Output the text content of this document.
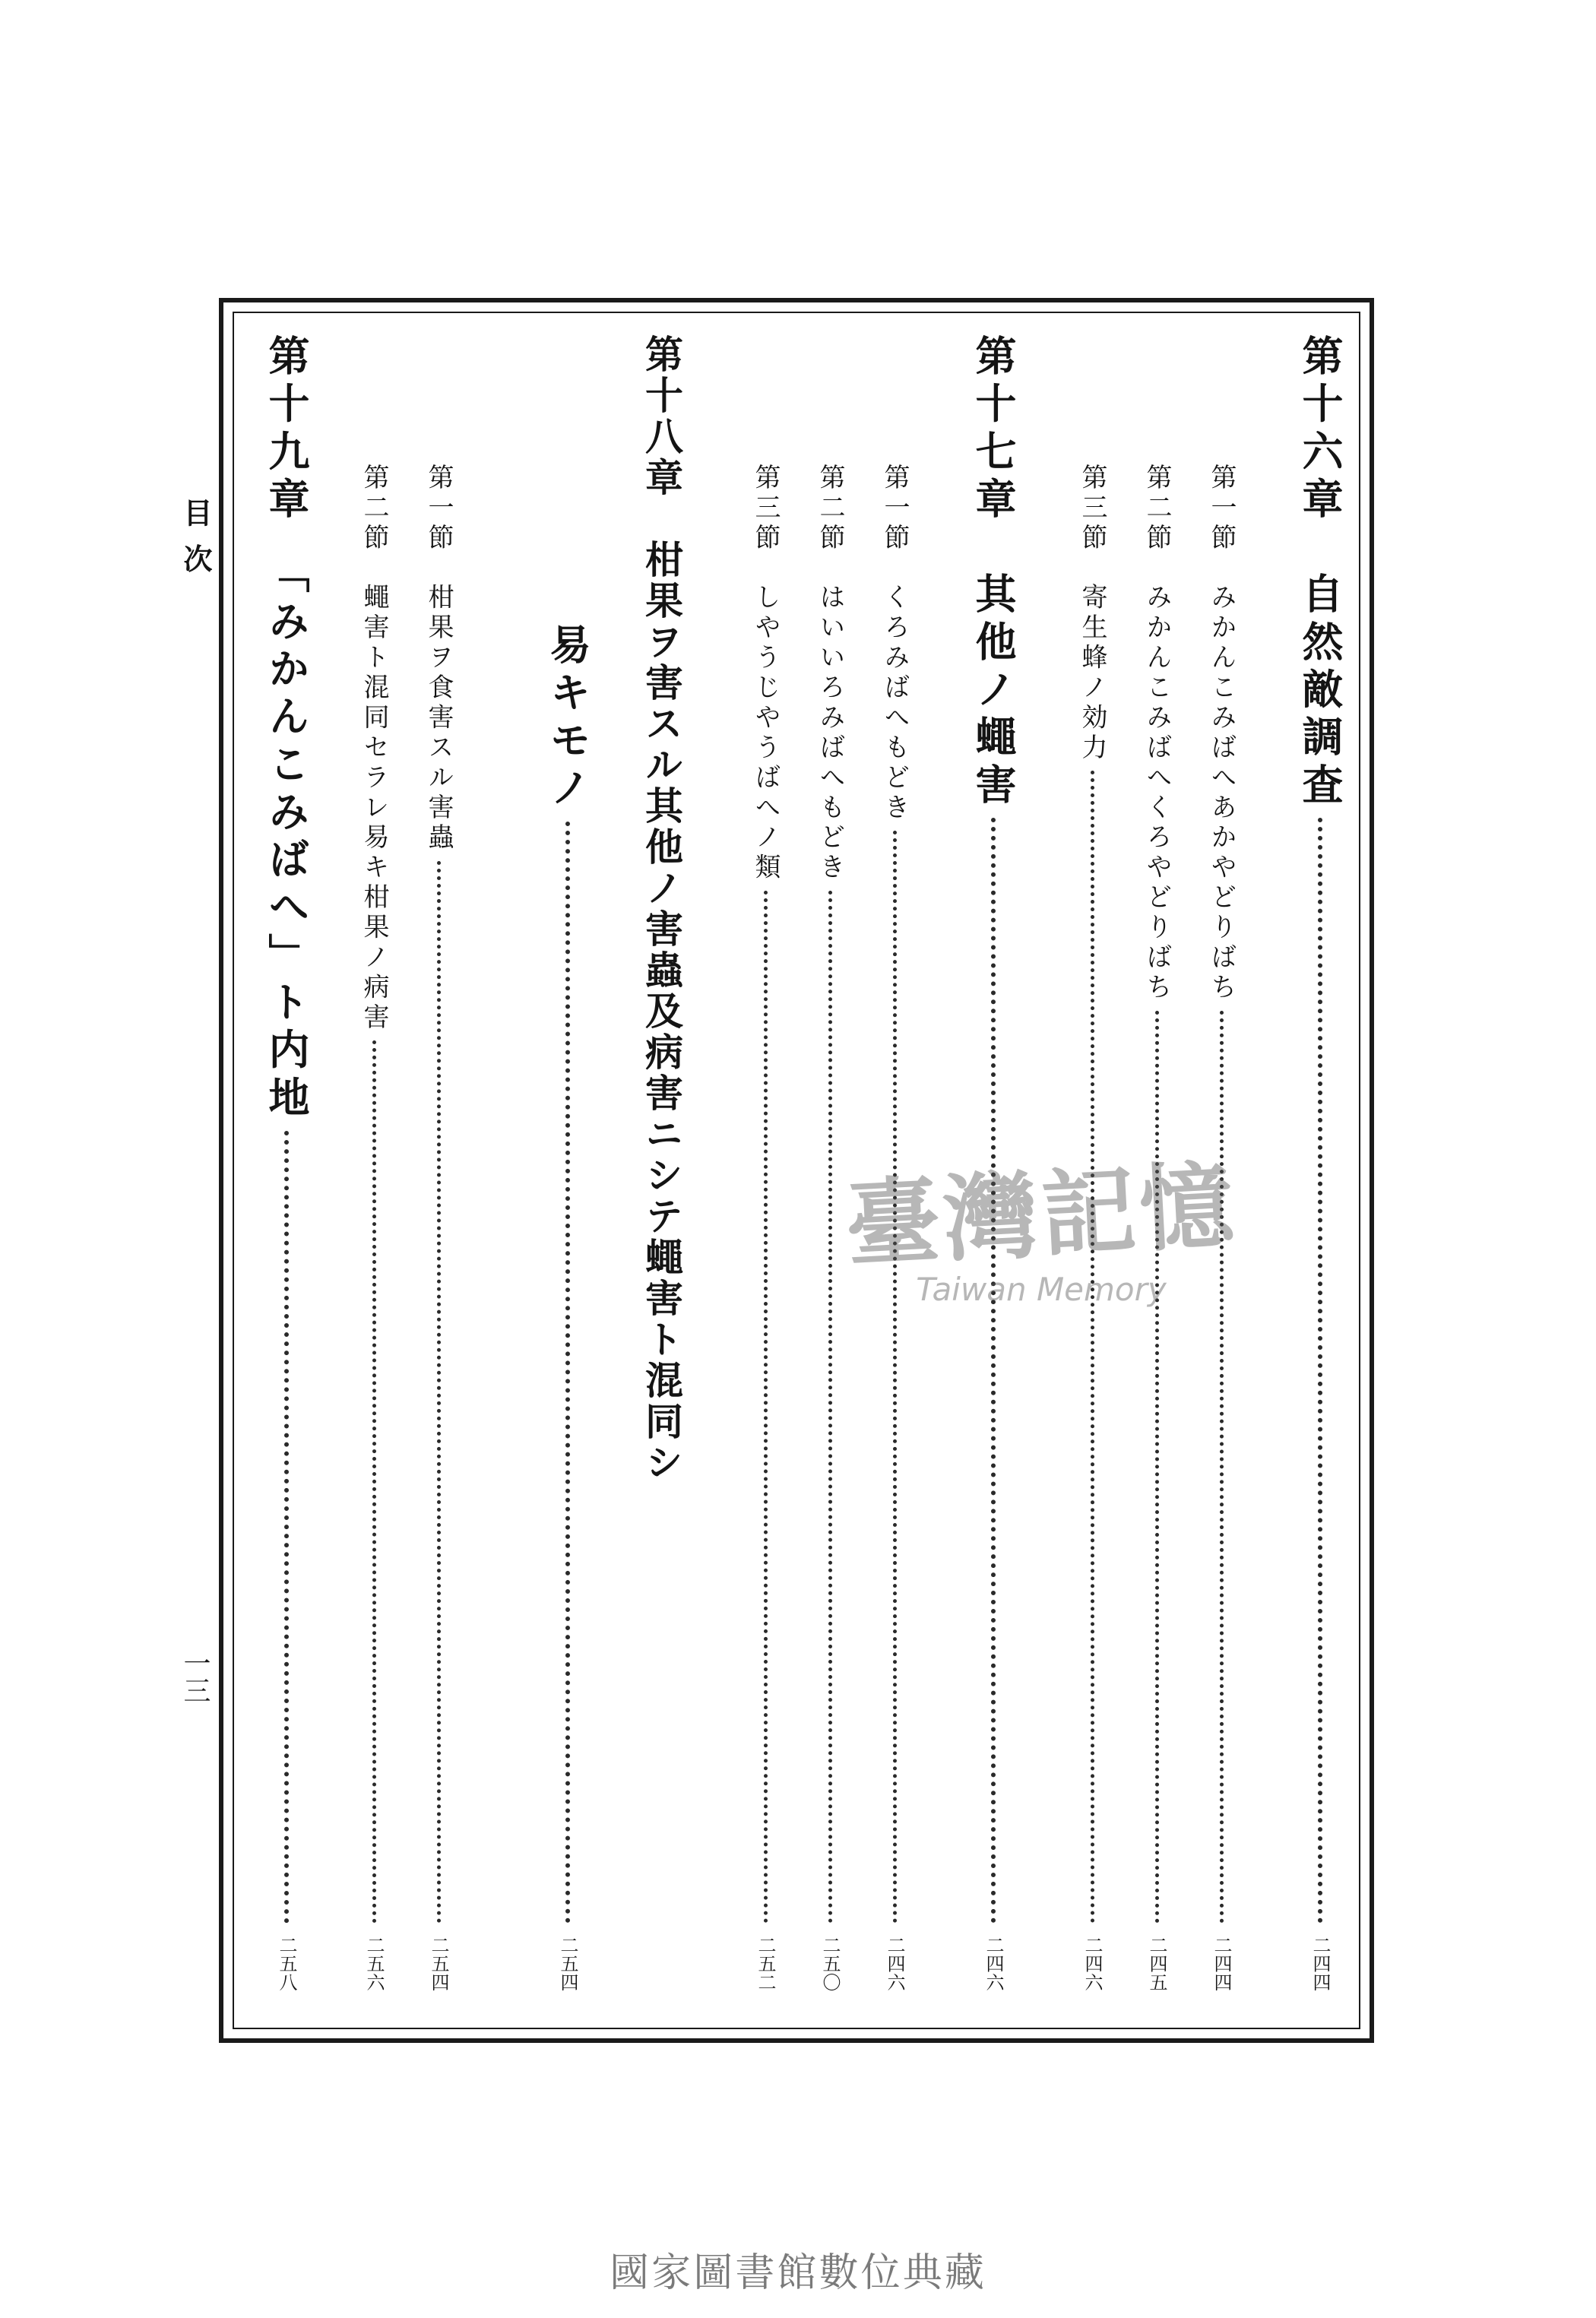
目次
一三
第十六章　自然敵調査
二四四
第一節　みかんこみばへあかやどりばち
二四四
第二節　みかんこみばへくろやどりばち
二四五
第三節　寄生蜂ノ効力
二四六
第十七章　其他ノ蠅害
二四六
第一節　くろみばへもどき
二四六
第二節　はいいろみばへもどき
二五〇
第三節　しやうじやうばへノ類
二五二
第十八章　柑果ヲ害スル其他ノ害蟲及病害ニシテ蠅害ト混同シ
易キモノ
二五四
第一節　柑果ヲ食害スル害蟲
二五四
第二節　蠅害ト混同セラレ易キ柑果ノ病害
二五六
第十九章　「みかんこみばへ」ト内地
二五八
臺灣記憶
Taiwan Memory
國家圖書館數位典藏
